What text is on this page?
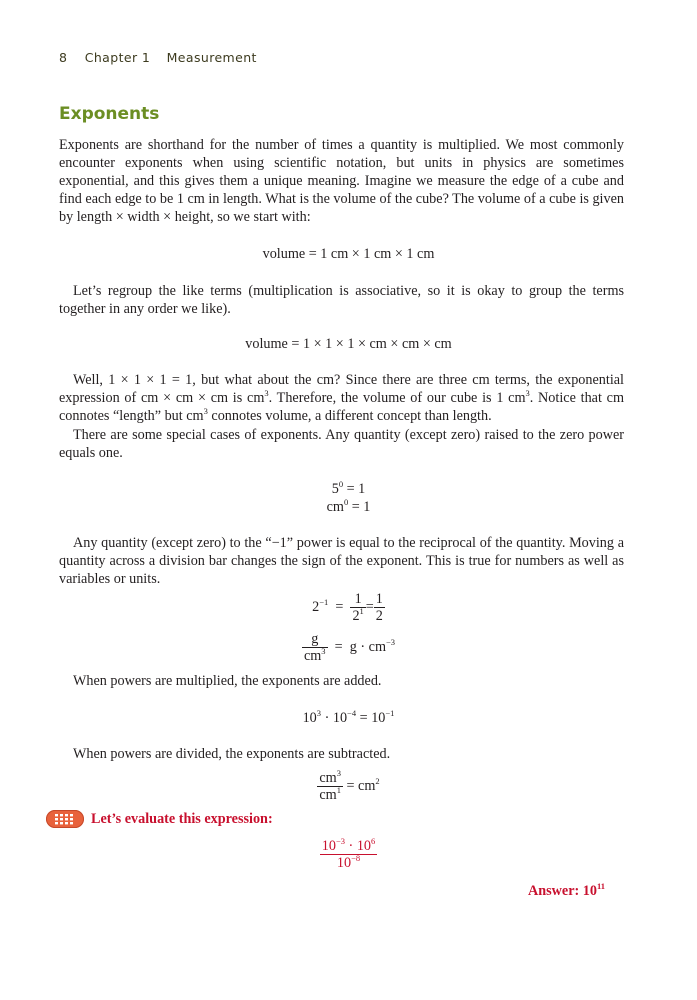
8 Chapter 1 Measurement
Exponents

Exponents are shorthand for the number of times a quantity is multiplied. We most commonly encounter exponents when using scientific notation, but units in physics are sometimes exponential, and this gives them a unique meaning. Imagine we measure the edge of a cube and find each edge to be 1 cm in length. What is the volume of the cube? The volume of a cube is given by length × width × height, so we start with:

volume = 1 cm × 1 cm × 1 cm

Let’s regroup the like terms (multiplication is associative, so it is okay to group the terms together in any order we like).

volume = 1 × 1 × 1 × cm × cm × cm

Well, 1 × 1 × 1 = 1, but what about the cm? Since there are three cm terms, the exponential expression of cm × cm × cm is $cm^3$. Therefore, the volume of our cube is 1 $cm^3$. Notice that cm connotes “length” but $cm^3$ connotes volume, a different concept than length.

There are some special cases of exponents. Any quantity (except zero) raised to the zero power equals one.

$5^0 = 1$
$cm^0 = 1$

Any quantity (except zero) to the “−1” power is equal to the reciprocal of the quantity. Moving a quantity across a division bar changes the sign of the exponent. This is true for numbers as well as variables or units.

$2^{-1} = \frac{1}{2^1} = \frac{1}{2}$
$\frac{g}{cm^3} = g \cdot cm^{-3}$

When powers are multiplied, the exponents are added.

$10^3 \cdot 10^{-4} = 10^{-1}$

When powers are divided, the exponents are subtracted.

$\frac{cm^3}{cm^1} = cm^2$
Let’s evaluate this expression:
$\frac{10^{-3} \cdot 10^6}{10^{-8}}$
Answer: $10^{11}$
